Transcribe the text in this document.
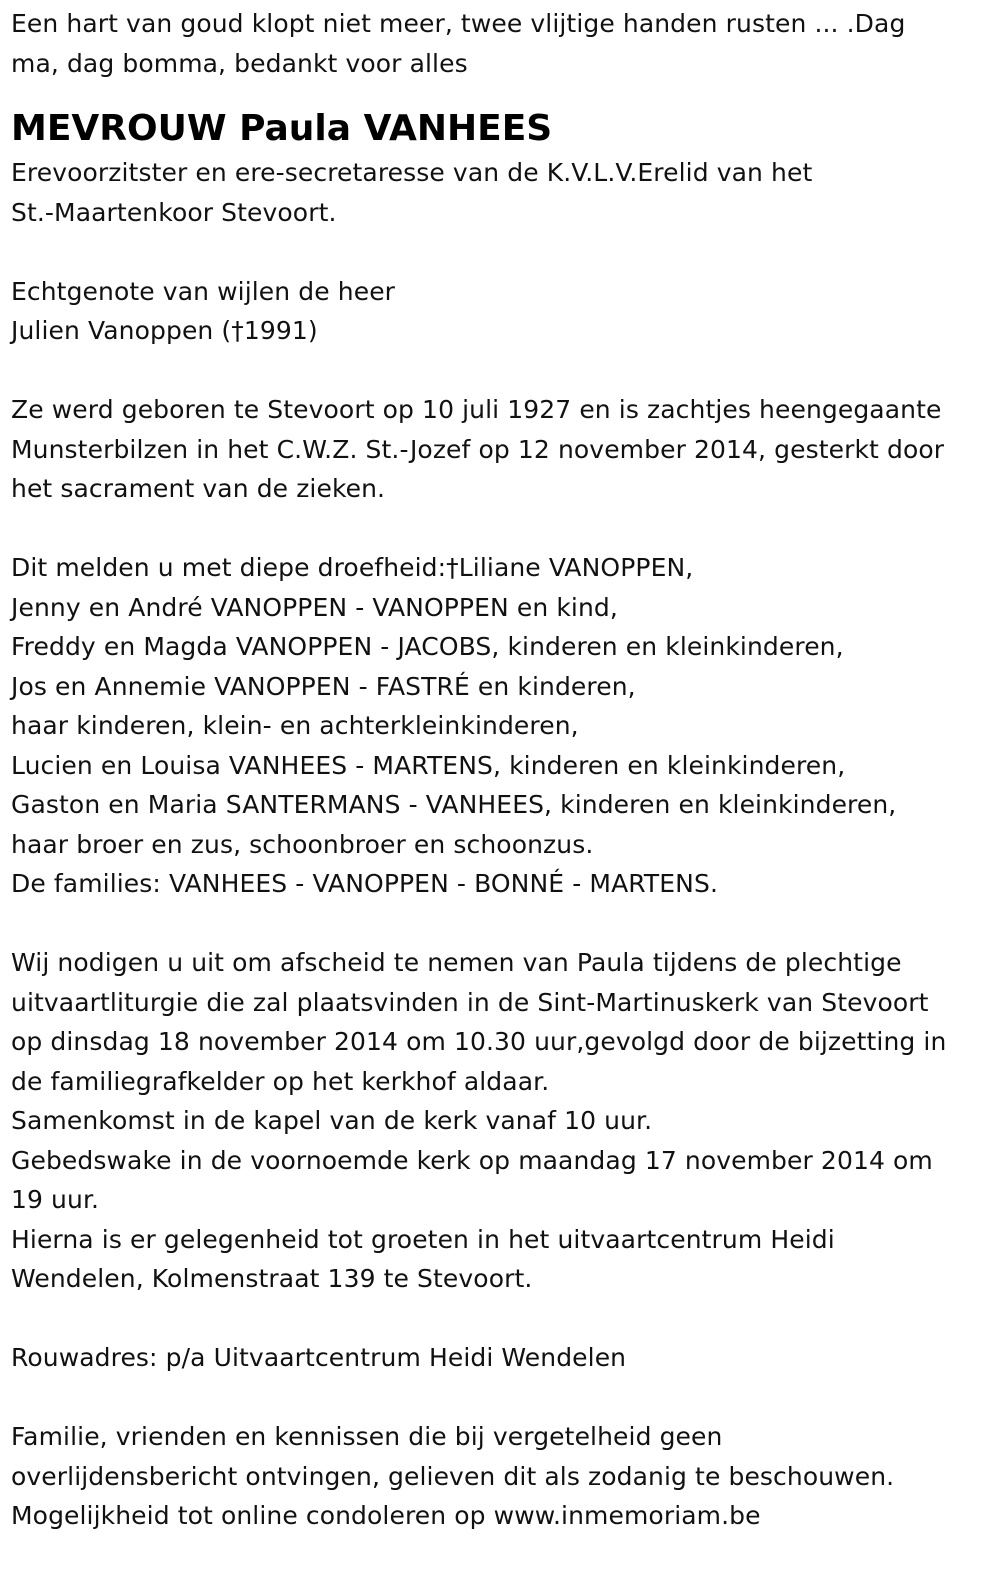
Een hart van goud klopt niet meer, twee vlijtige handen rusten ... .Dag
ma, dag bomma, bedankt voor alles
MEVROUW Paula VANHEES
Erevoorzitster en ere-secretaresse van de K.V.L.V.Erelid van het
St.-Maartenkoor Stevoort.
Echtgenote van wijlen de heer
Julien Vanoppen (†1991)
Ze werd geboren te Stevoort op 10 juli 1927 en is zachtjes heengegaante
Munsterbilzen in het C.W.Z. St.-Jozef op 12 november 2014, gesterkt door
het sacrament van de zieken.
Dit melden u met diepe droefheid:†Liliane VANOPPEN,
Jenny en André VANOPPEN - VANOPPEN en kind,
Freddy en Magda VANOPPEN - JACOBS, kinderen en kleinkinderen,
Jos en Annemie VANOPPEN - FASTRÉ en kinderen,
haar kinderen, klein- en achterkleinkinderen,
Lucien en Louisa VANHEES - MARTENS, kinderen en kleinkinderen,
Gaston en Maria SANTERMANS - VANHEES, kinderen en kleinkinderen,
haar broer en zus, schoonbroer en schoonzus.
De families: VANHEES - VANOPPEN - BONNÉ - MARTENS.
Wij nodigen u uit om afscheid te nemen van Paula tijdens de plechtige
uitvaartliturgie die zal plaatsvinden in de Sint-Martinuskerk van Stevoort
op dinsdag 18 november 2014 om 10.30 uur,gevolgd door de bijzetting in
de familiegrafkelder op het kerkhof aldaar.
Samenkomst in de kapel van de kerk vanaf 10 uur.
Gebedswake in de voornoemde kerk op maandag 17 november 2014 om
19 uur.
Hierna is er gelegenheid tot groeten in het uitvaartcentrum Heidi
Wendelen, Kolmenstraat 139 te Stevoort.
Rouwadres: p/a Uitvaartcentrum Heidi Wendelen
Familie, vrienden en kennissen die bij vergetelheid geen
overlijdensbericht ontvingen, gelieven dit als zodanig te beschouwen.
Mogelijkheid tot online condoleren op www.inmemoriam.be
